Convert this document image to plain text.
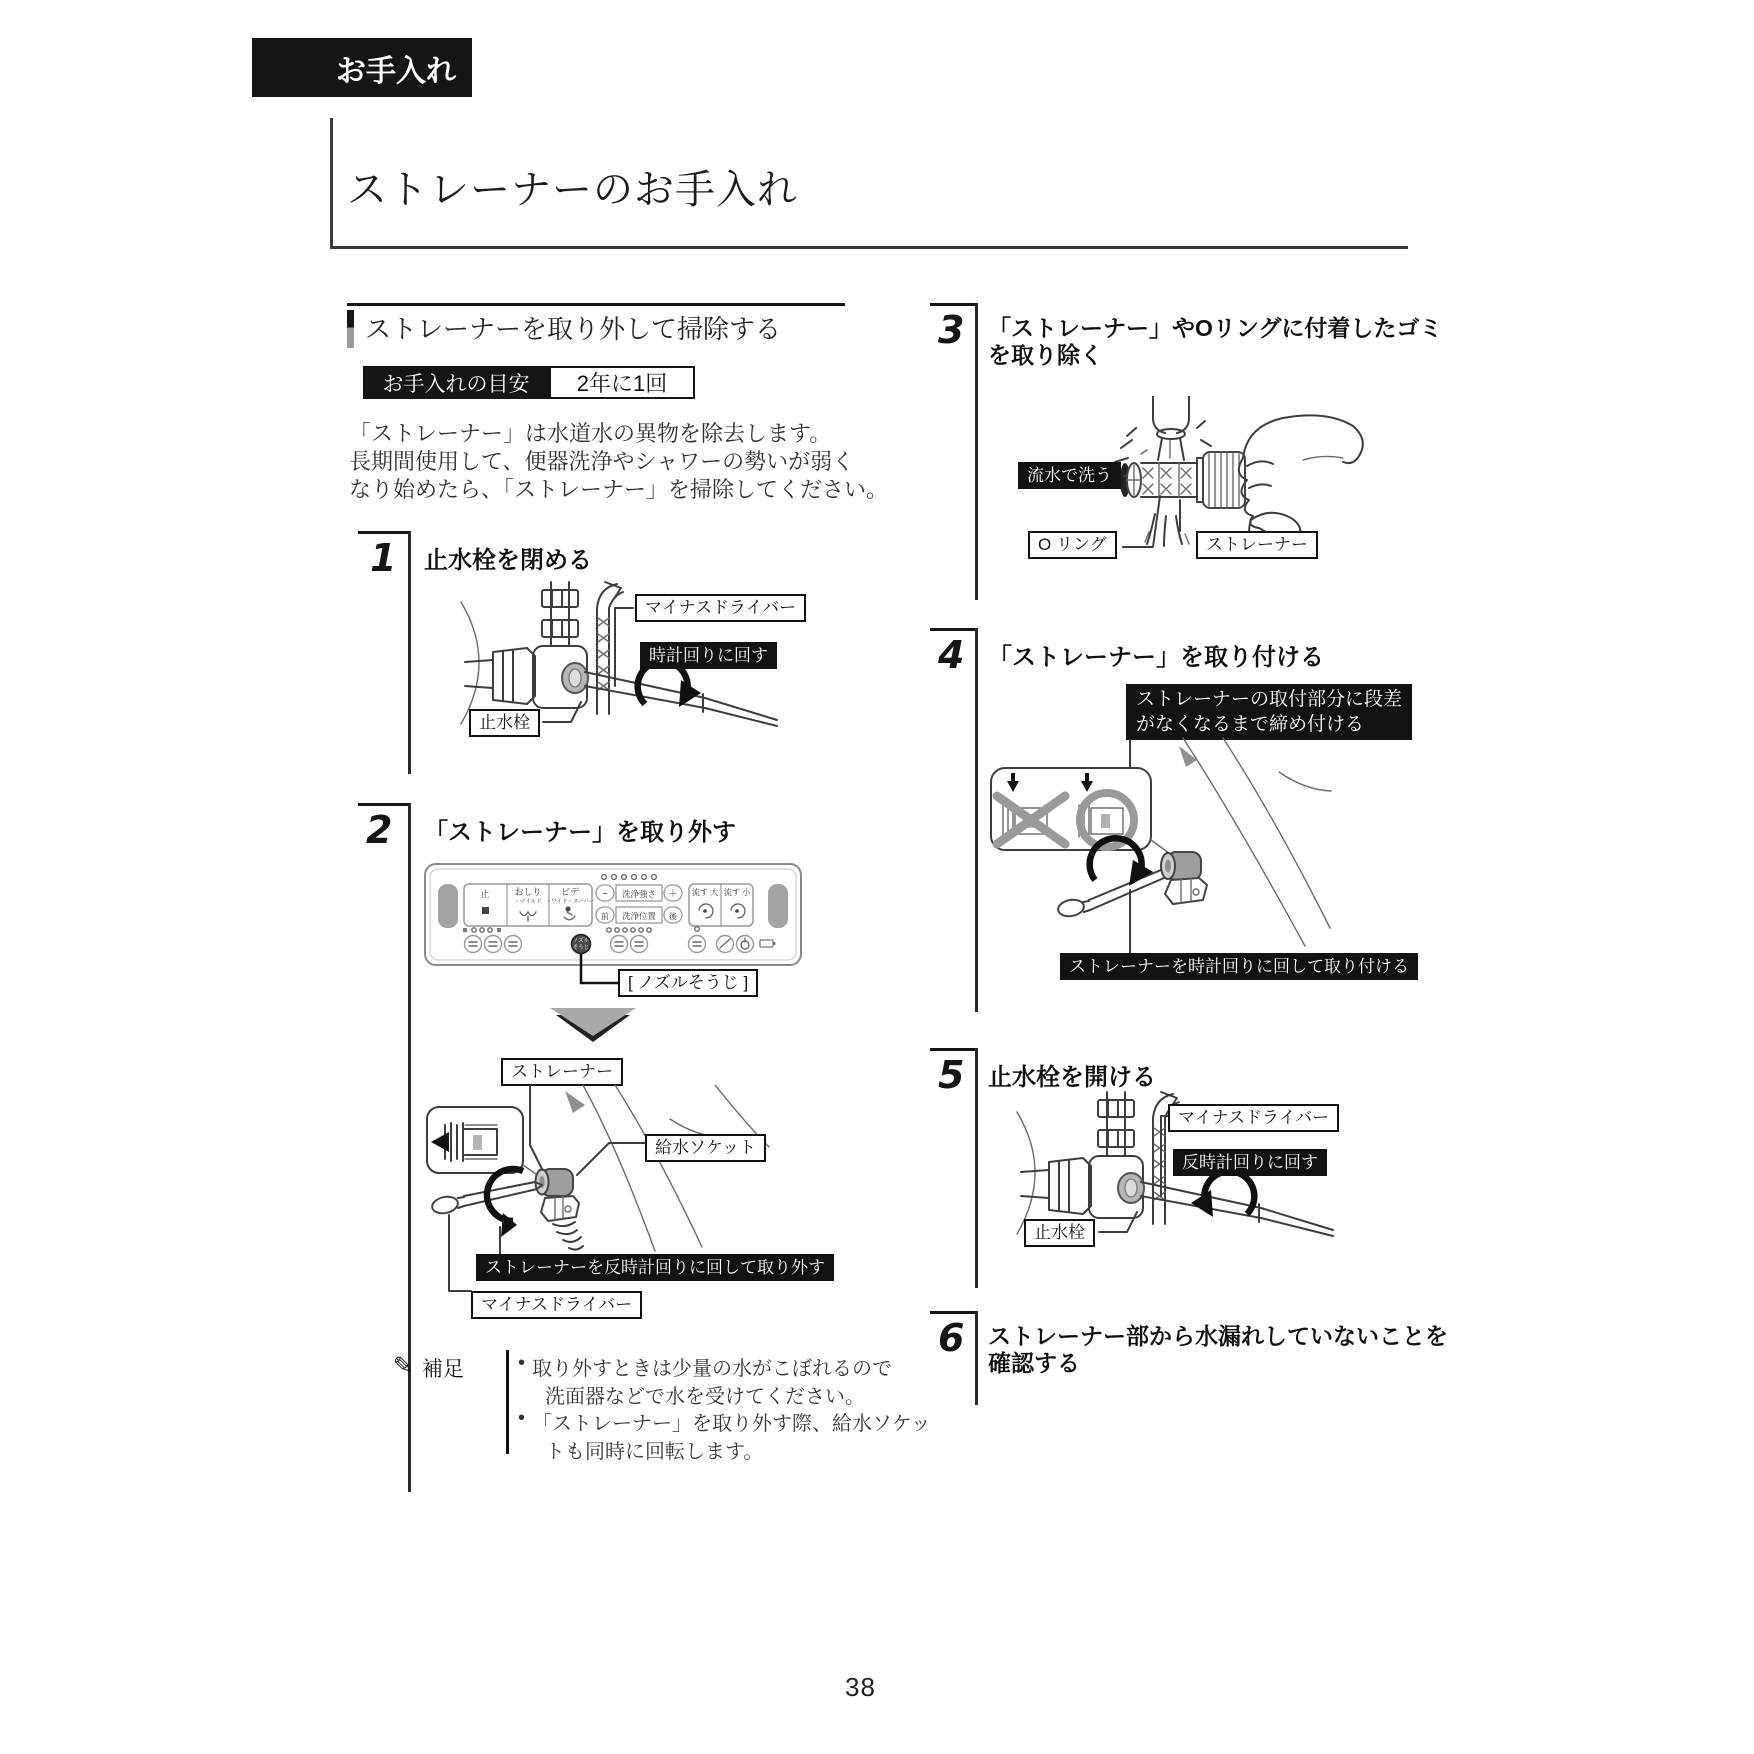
お手入れ
ストレーナーのお手入れ
ストレーナーを取り外して掃除する
お手入れの目安 2年に1回
「ストレーナー」は水道水の異物を除去します。
長期間使用して、便器洗浄やシャワーの勢いが弱く
なり始めたら、「ストレーナー」を掃除してください。
1 止水栓を閉める
マイナスドライバー
時計回りに回す
止水栓
2 「ストレーナー」を取り外す
止	おしり
・マイルド
ビデ
・ワイド・スーパー
− 洗浄強さ ＋
前 洗浄位置 後
流す 大 流す 小
ノズル
そうじ
[ ノズルそうじ ]
ストレーナー
給水ソケット
ストレーナーを反時計回りに回して取り外す
マイナスドライバー
✎ 補足	• 取り外すときは少量の水がこぼれるので
洗面器などで水を受けてください。
• 「ストレーナー」を取り外す際、給水ソケッ
トも同時に回転します。
3 「ストレーナー」やOリングに付着したゴミ
を取り除く
流水で洗う
O リング	ストレーナー
4 「ストレーナー」を取り付ける
ストレーナーの取付部分に段差
がなくなるまで締め付ける
ストレーナーを時計回りに回して取り付ける
5 止水栓を開ける
マイナスドライバー
反時計回りに回す
止水栓
6 ストレーナー部から水漏れしていないことを
確認する
38
